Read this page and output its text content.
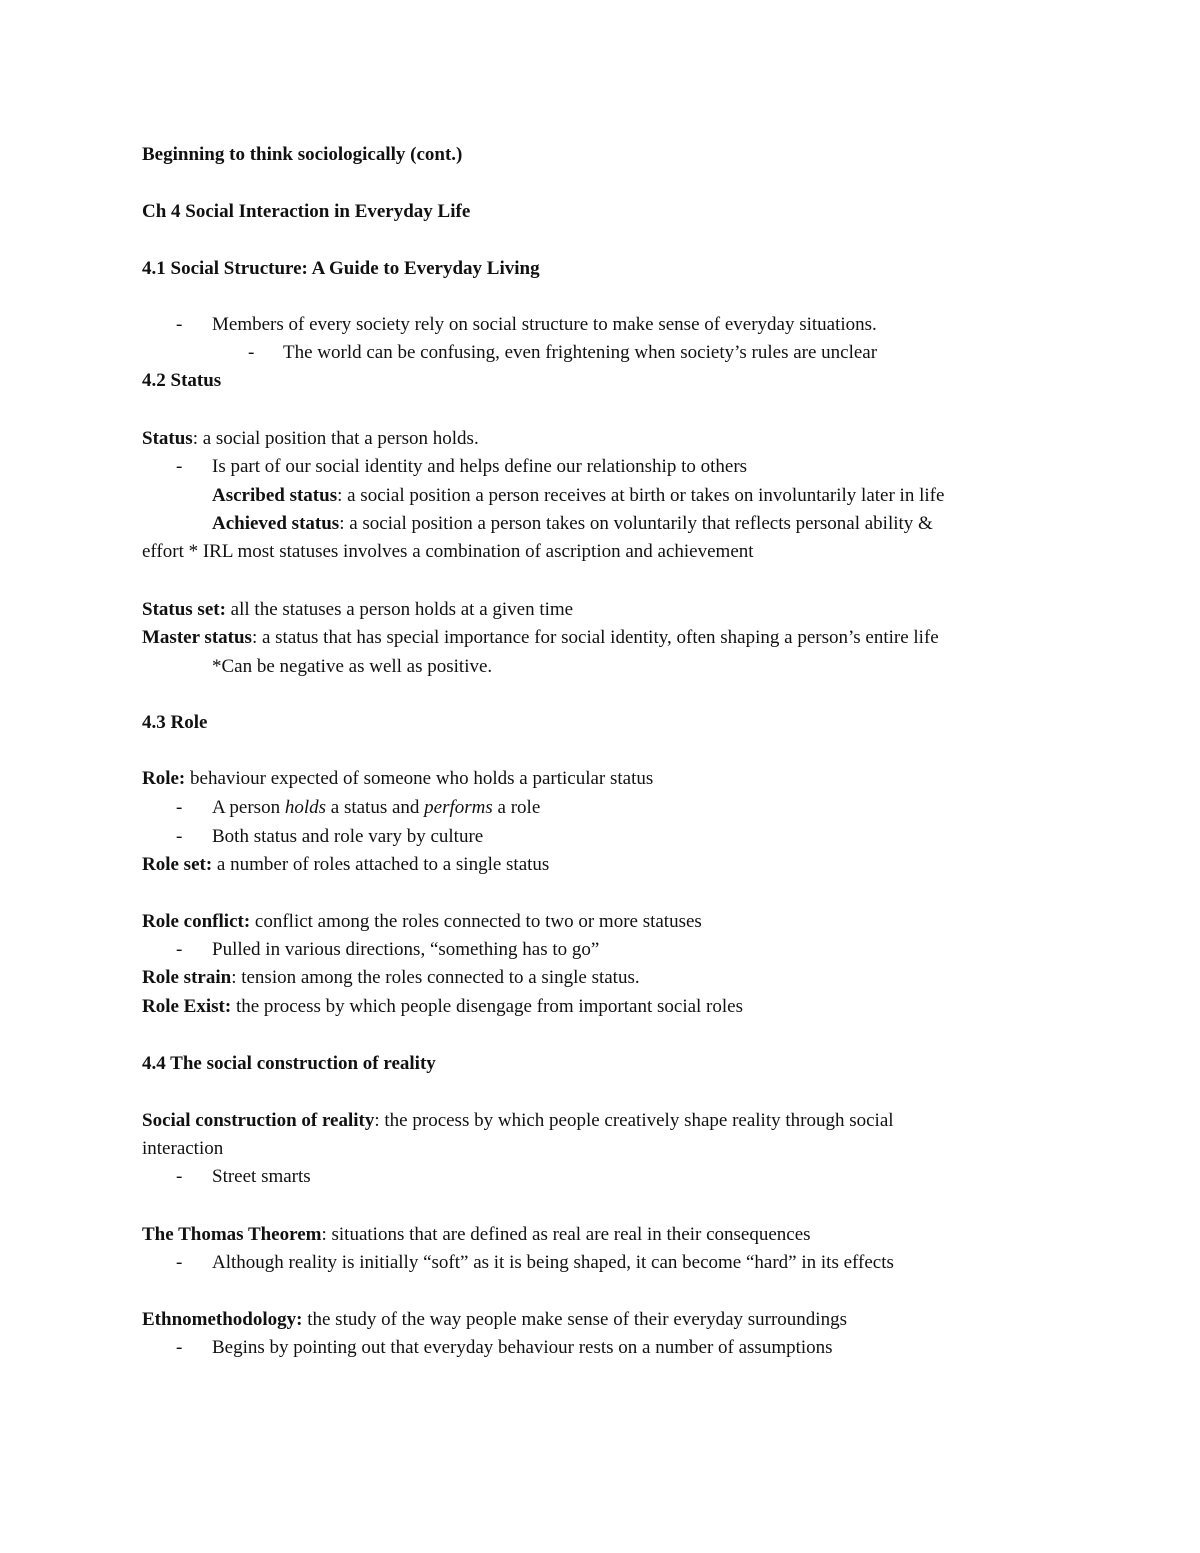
Beginning to think sociologically (cont.)
Ch 4 Social Interaction in Everyday Life
4.1 Social Structure: A Guide to Everyday Living
- Members of every society rely on social structure to make sense of everyday situations.
- The world can be confusing, even frightening when society’s rules are unclear
4.2 Status
Status: a social position that a person holds.
- Is part of our social identity and helps define our relationship to others
Ascribed status: a social position a person receives at birth or takes on involuntarily later in life
Achieved status: a social position a person takes on voluntarily that reflects personal ability &
effort * IRL most statuses involves a combination of ascription and achievement
Status set: all the statuses a person holds at a given time
Master status: a status that has special importance for social identity, often shaping a person’s entire life
*Can be negative as well as positive.
4.3 Role
Role: behaviour expected of someone who holds a particular status
- A person holds a status and performs a role
- Both status and role vary by culture
Role set: a number of roles attached to a single status
Role conflict: conflict among the roles connected to two or more statuses
- Pulled in various directions, “something has to go”
Role strain: tension among the roles connected to a single status.
Role Exist: the process by which people disengage from important social roles
4.4 The social construction of reality
Social construction of reality: the process by which people creatively shape reality through social
interaction
- Street smarts
The Thomas Theorem: situations that are defined as real are real in their consequences
- Although reality is initially “soft” as it is being shaped, it can become “hard” in its effects
Ethnomethodology: the study of the way people make sense of their everyday surroundings
- Begins by pointing out that everyday behaviour rests on a number of assumptions
